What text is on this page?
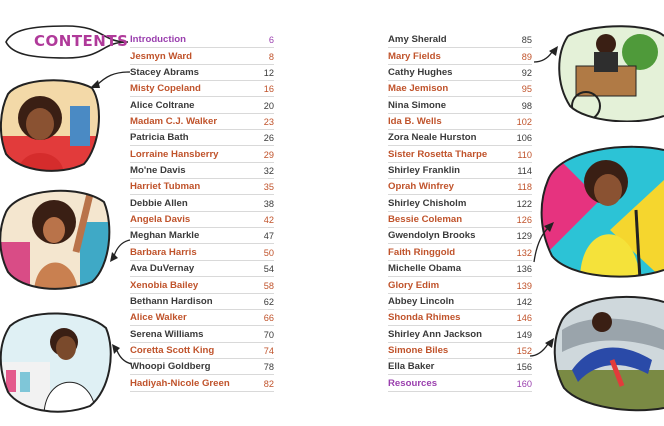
CONTENTS Introduction	6
Jesmyn Ward	8
Stacey Abrams	12
Misty Copeland	16
Alice Coltrane	20
Madam C.J. Walker	23
Patricia Bath	26
Lorraine Hansberry	29
Mo'ne Davis	32
Harriet Tubman	35
Debbie Allen	38
Angela Davis	42
Meghan Markle	47
Barbara Harris	50
Ava DuVernay	54
Xenobia Bailey	58
Bethann Hardison	62
Alice Walker	66
Serena Williams	70
Coretta Scott King	74
Whoopi Goldberg	78
Hadiyah-Nicole Green	82
Amy Sherald	85
Mary Fields	89
Cathy Hughes	92
Mae Jemison	95
Nina Simone	98
Ida B. Wells	102
Zora Neale Hurston	106
Sister Rosetta Tharpe	110
Shirley Franklin	114
Oprah Winfrey	118
Shirley Chisholm	122
Bessie Coleman	126
Gwendolyn Brooks	129
Faith Ringgold	132
Michelle Obama	136
Glory Edim	139
Abbey Lincoln	142
Shonda Rhimes	146
Shirley Ann Jackson	149
Simone Biles	152
Ella Baker	156
Resources	160
